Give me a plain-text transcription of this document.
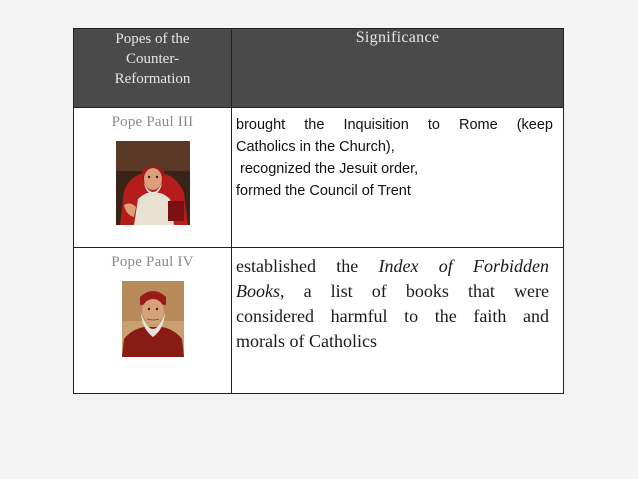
Popes of the
Counter-
Reformation	Significance

Pope Paul III	brought the Inquisition to Rome (keep
Catholics in the Church),
recognized the Jesuit order,
formed the Council of Trent

Pope Paul IV	established the Index of Forbidden
Books, a list of books that were
considered harmful to the faith and
morals of Catholics
